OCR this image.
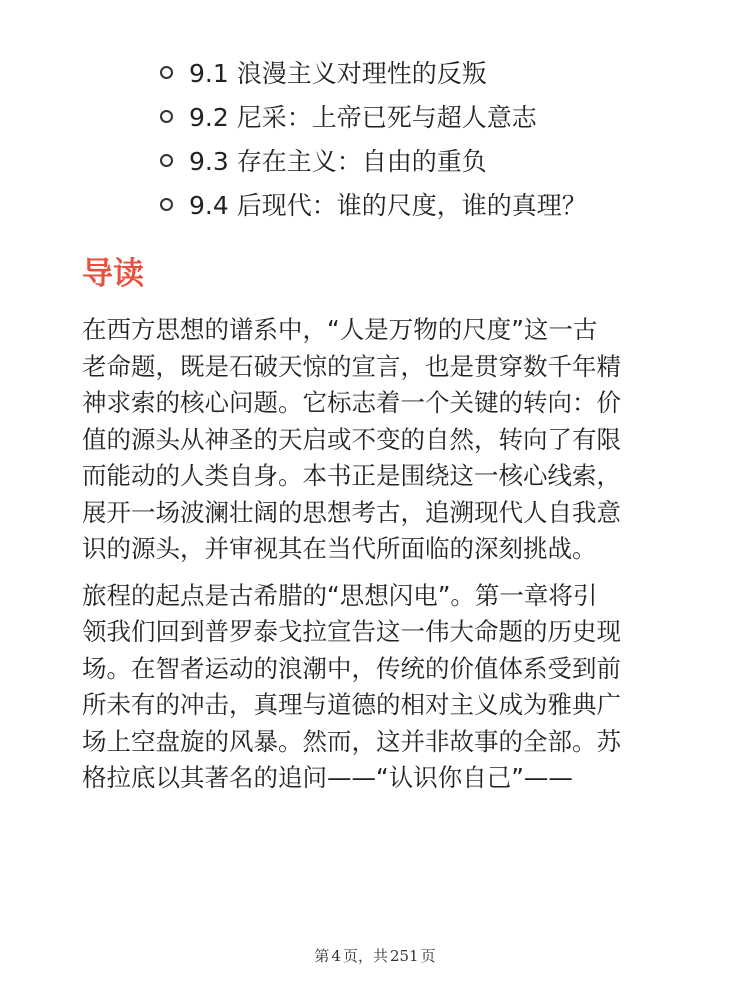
9.1 浪漫主义对理性的反叛
9.2 尼采：上帝已死与超人意志
9.3 存在主义：自由的重负
9.4 后现代：谁的尺度，谁的真理？
导读

在西方思想的谱系中，“人是万物的尺度”这一古
老命题，既是石破天惊的宣言，也是贯穿数千年精
神求索的核心问题。它标志着一个关键的转向：价
值的源头从神圣的天启或不变的自然，转向了有限
而能动的人类自身。本书正是围绕这一核心线索，
展开一场波澜壮阔的思想考古，追溯现代人自我意
识的源头，并审视其在当代所面临的深刻挑战。

旅程的起点是古希腊的“思想闪电”。第一章将引
领我们回到普罗泰戈拉宣告这一伟大命题的历史现
场。在智者运动的浪潮中，传统的价值体系受到前
所未有的冲击，真理与道德的相对主义成为雅典广
场上空盘旋的风暴。然而，这并非故事的全部。苏
格拉底以其著名的追问——“认识你自己”——

第 4 页，共 251 页
